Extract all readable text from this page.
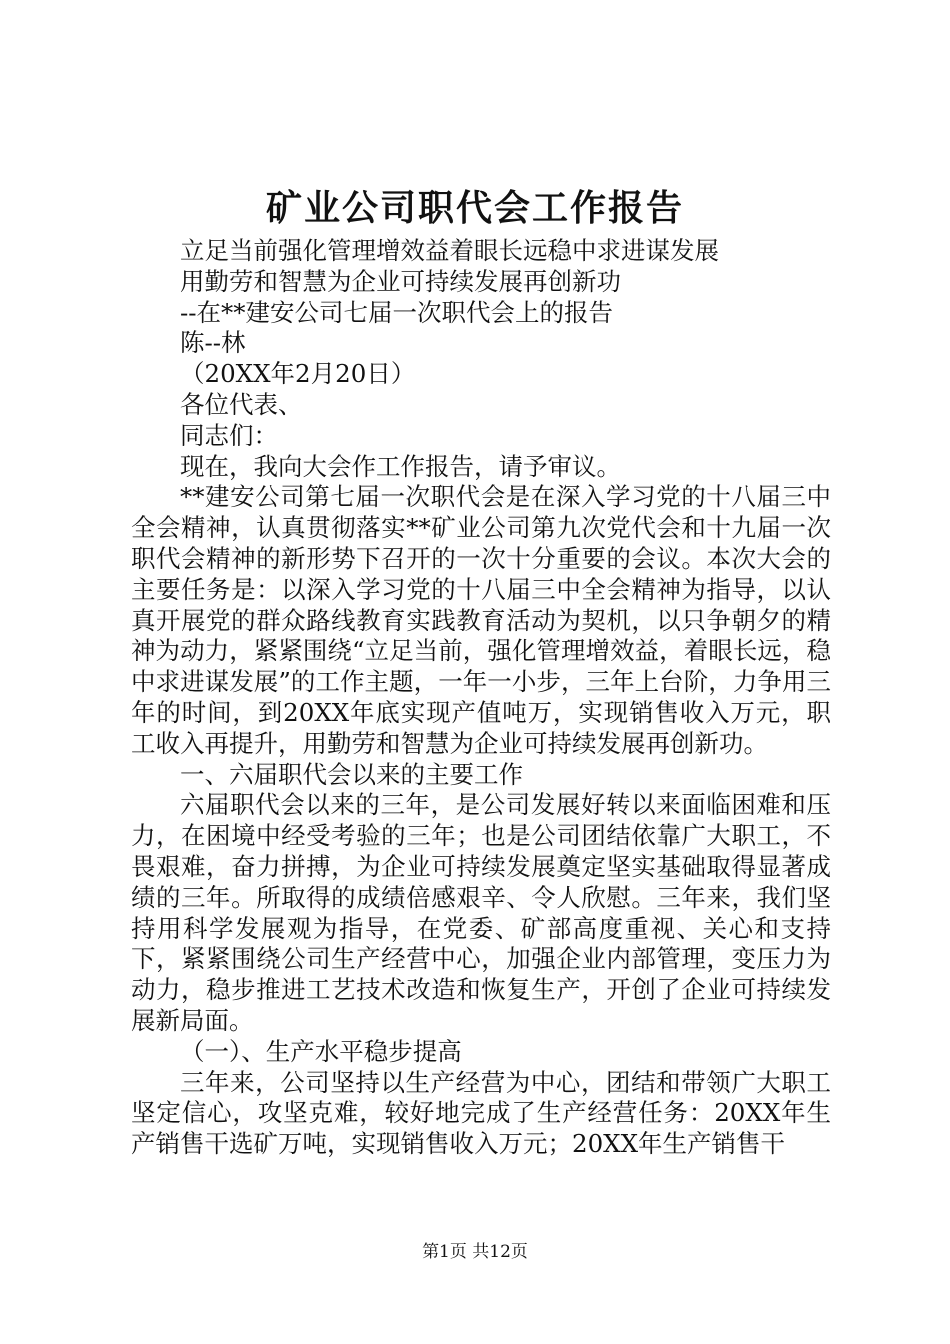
矿业公司职代会工作报告

立足当前强化管理增效益着眼长远稳中求进谋发展

用勤劳和智慧为企业可持续发展再创新功

--在**建安公司七届一次职代会上的报告

陈--林

（20XX年2月20日）

各位代表、

同志们：

现在，我向大会作工作报告，请予审议。

**建安公司第七届一次职代会是在深入学习党的十八届三中全会精神，认真贯彻落实**矿业公司第九次党代会和十九届一次职代会精神的新形势下召开的一次十分重要的会议。本次大会的主要任务是：以深入学习党的十八届三中全会精神为指导，以认真开展党的群众路线教育实践教育活动为契机，以只争朝夕的精神为动力，紧紧围绕“立足当前，强化管理增效益，着眼长远，稳中求进谋发展”的工作主题，一年一小步，三年上台阶，力争用三年的时间，到20XX年底实现产值吨万，实现销售收入万元，职工收入再提升，用勤劳和智慧为企业可持续发展再创新功。

一、六届职代会以来的主要工作

六届职代会以来的三年，是公司发展好转以来面临困难和压力，在困境中经受考验的三年；也是公司团结依靠广大职工，不畏艰难，奋力拼搏，为企业可持续发展奠定坚实基础取得显著成绩的三年。所取得的成绩倍感艰辛、令人欣慰。三年来，我们坚持用科学发展观为指导，在党委、矿部高度重视、关心和支持下，紧紧围绕公司生产经营中心，加强企业内部管理，变压力为动力，稳步推进工艺技术改造和恢复生产，开创了企业可持续发展新局面。

（一）、生产水平稳步提高

三年来，公司坚持以生产经营为中心，团结和带领广大职工坚定信心，攻坚克难，较好地完成了生产经营任务：20XX年生产销售干选矿万吨，实现销售收入万元；20XX年生产销售干

第1页 共12页
